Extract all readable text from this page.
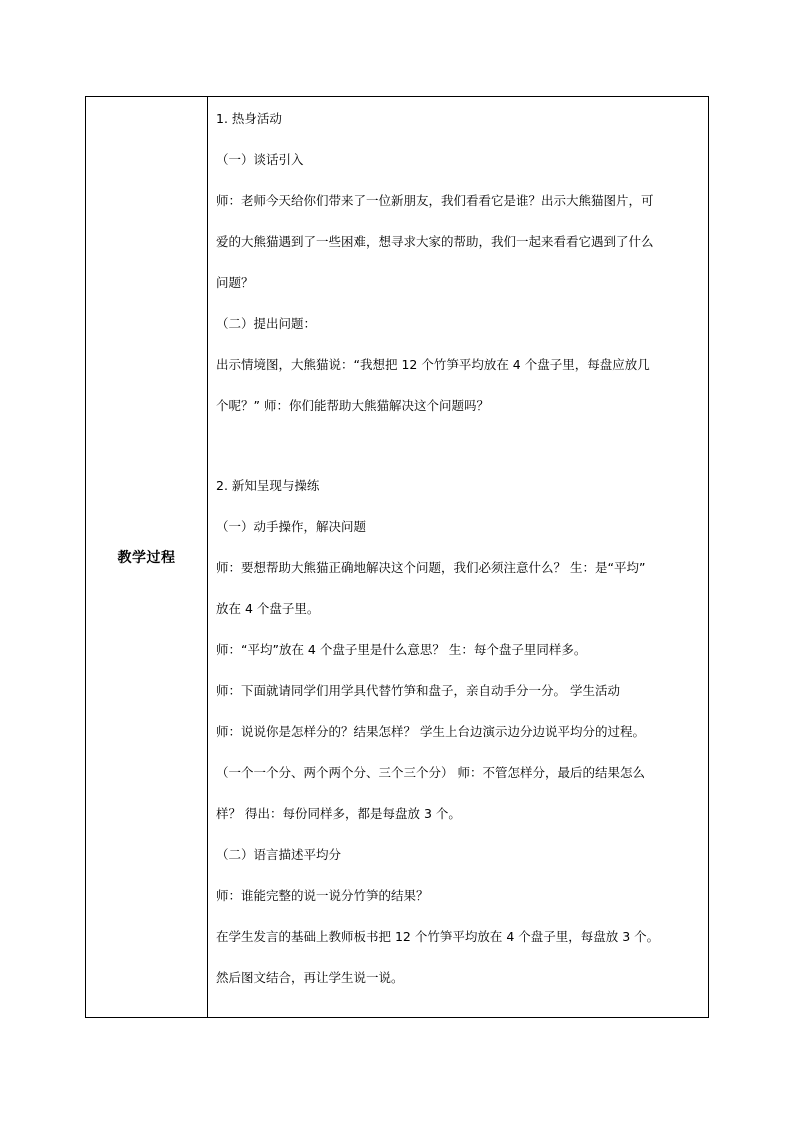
教学过程
1. 热身活动
（一）谈话引入
师：老师今天给你们带来了一位新朋友，我们看看它是谁？出示大熊猫图片，可
爱的大熊猫遇到了一些困难，想寻求大家的帮助，我们一起来看看它遇到了什么
问题？
（二）提出问题：
出示情境图，大熊猫说：“我想把 12 个竹笋平均放在 4 个盘子里，每盘应放几
个呢？” 师：你们能帮助大熊猫解决这个问题吗？
2. 新知呈现与操练
（一）动手操作，解决问题
师：要想帮助大熊猫正确地解决这个问题，我们必须注意什么？ 生：是“平均”
放在 4 个盘子里。
师：“平均”放在 4 个盘子里是什么意思？ 生：每个盘子里同样多。
师：下面就请同学们用学具代替竹笋和盘子，亲自动手分一分。 学生活动
师：说说你是怎样分的？结果怎样？ 学生上台边演示边分边说平均分的过程。
（一个一个分、两个两个分、三个三个分） 师：不管怎样分，最后的结果怎么
样？ 得出：每份同样多，都是每盘放 3 个。
（二）语言描述平均分
师：谁能完整的说一说分竹笋的结果？
在学生发言的基础上教师板书把 12 个竹笋平均放在 4 个盘子里，每盘放 3 个。
然后图文结合，再让学生说一说。
